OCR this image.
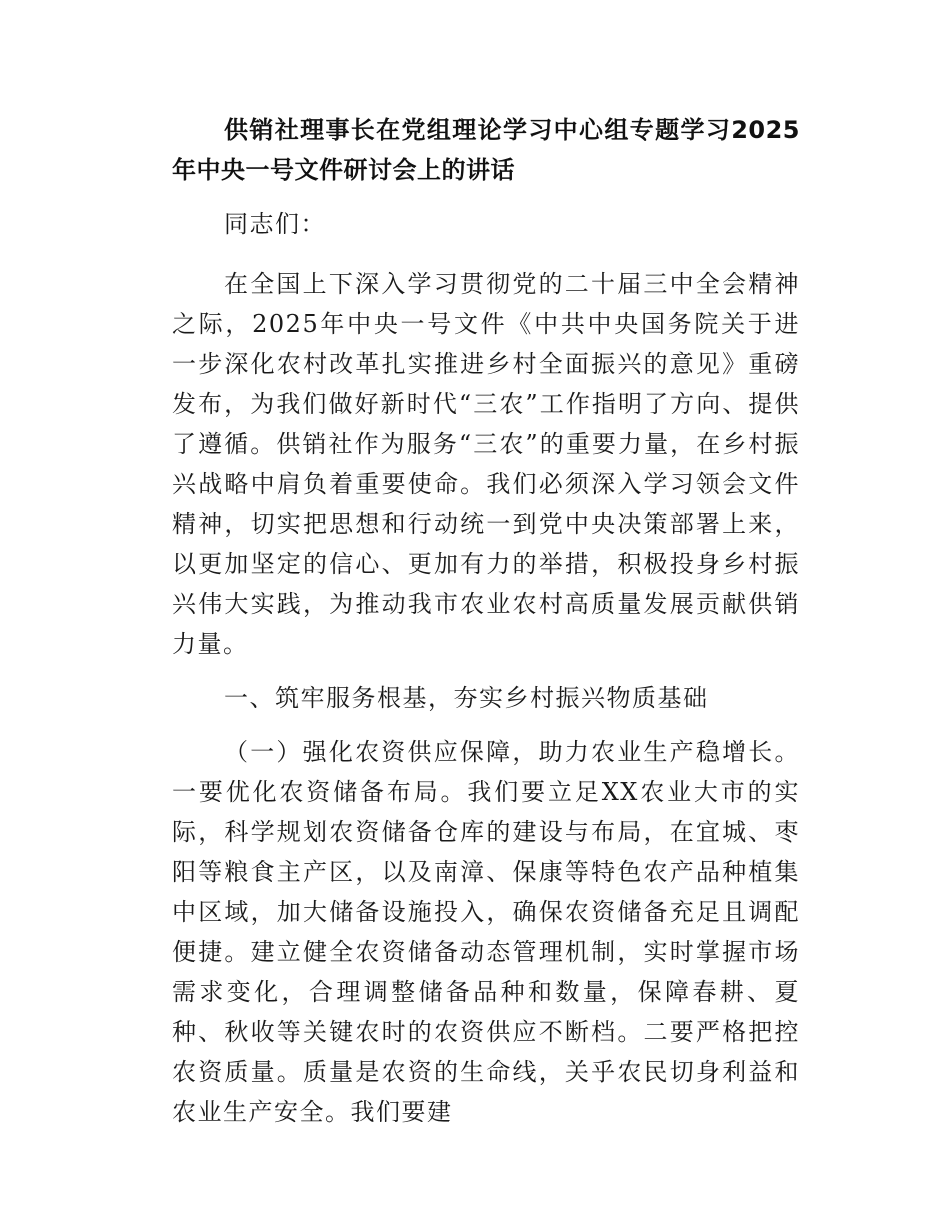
供销社理事长在党组理论学习中心组专题学习2025年中央一号文件研讨会上的讲话

同志们：

在全国上下深入学习贯彻党的二十届三中全会精神之际，2025年中央一号文件《中共中央国务院关于进一步深化农村改革扎实推进乡村全面振兴的意见》重磅发布，为我们做好新时代“三农”工作指明了方向、提供了遵循。供销社作为服务“三农”的重要力量，在乡村振兴战略中肩负着重要使命。我们必须深入学习领会文件精神，切实把思想和行动统一到党中央决策部署上来，以更加坚定的信心、更加有力的举措，积极投身乡村振兴伟大实践，为推动我市农业农村高质量发展贡献供销力量。

一、筑牢服务根基，夯实乡村振兴物质基础

（一）强化农资供应保障，助力农业生产稳增长。一要优化农资储备布局。我们要立足XX农业大市的实际，科学规划农资储备仓库的建设与布局，在宜城、枣阳等粮食主产区，以及南漳、保康等特色农产品种植集中区域，加大储备设施投入，确保农资储备充足且调配便捷。建立健全农资储备动态管理机制，实时掌握市场需求变化，合理调整储备品种和数量，保障春耕、夏种、秋收等关键农时的农资供应不断档。二要严格把控农资质量。质量是农资的生命线，关乎农民切身利益和农业生产安全。我们要建
